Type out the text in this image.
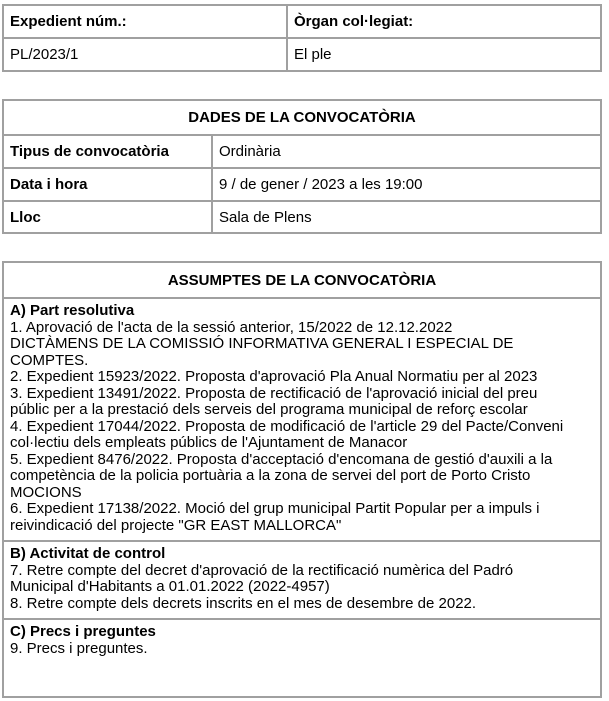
Expedient núm.:	Òrgan col·legiat:
PL/2023/1	El ple
DADES DE LA CONVOCATÒRIA
Tipus de convocatòria	Ordinària
Data i hora	9 / de gener / 2023 a les 19:00
Lloc	Sala de Plens
ASSUMPTES DE LA CONVOCATÒRIA
A) Part resolutiva
1. Aprovació de l'acta de la sessió anterior, 15/2022 de 12.12.2022
DICTÀMENS DE LA COMISSIÓ INFORMATIVA GENERAL I ESPECIAL DE
COMPTES.
2. Expedient 15923/2022. Proposta d'aprovació Pla Anual Normatiu per al 2023
3. Expedient 13491/2022. Proposta de rectificació de l'aprovació inicial del preu
públic per a la prestació dels serveis del programa municipal de reforç escolar
4. Expedient 17044/2022. Proposta de modificació de l'article 29 del Pacte/Conveni
col·lectiu dels empleats públics de l'Ajuntament de Manacor
5. Expedient 8476/2022. Proposta d'acceptació d'encomana de gestió d'auxili a la
competència de la policia portuària a la zona de servei del port de Porto Cristo
MOCIONS
6. Expedient 17138/2022. Moció del grup municipal Partit Popular per a impuls i
reivindicació del projecte "GR EAST MALLORCA"
B) Activitat de control
7. Retre compte del decret d'aprovació de la rectificació numèrica del Padró
Municipal d'Habitants a 01.01.2022 (2022-4957)
8. Retre compte dels decrets inscrits en el mes de desembre de 2022.
C) Precs i preguntes
9. Precs i preguntes.
